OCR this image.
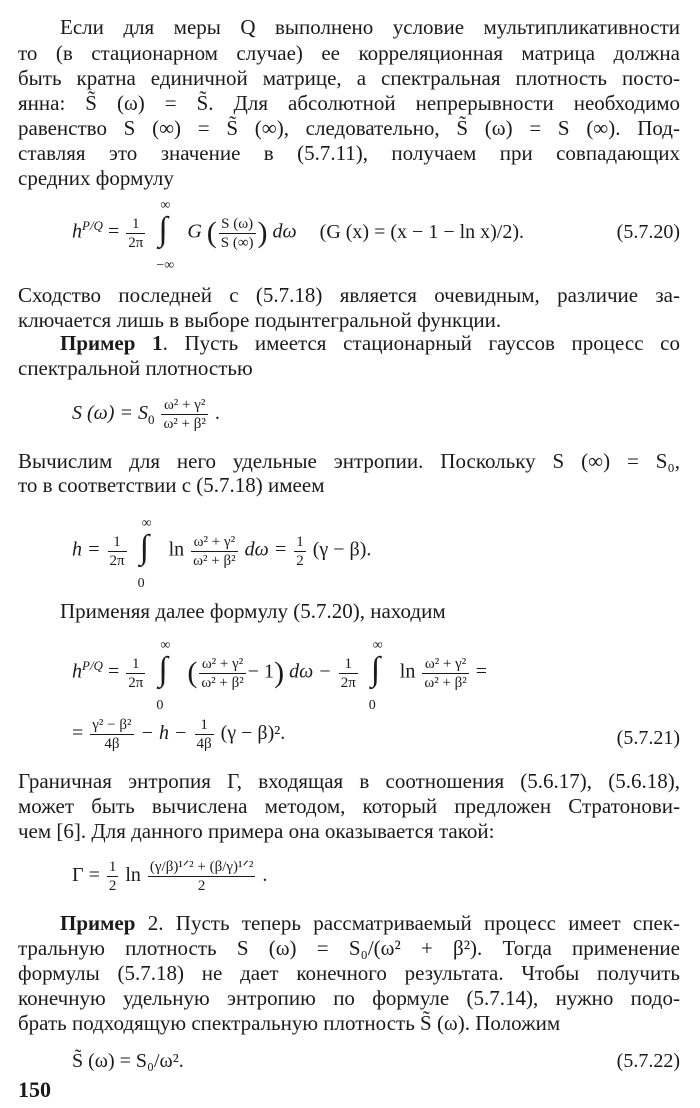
Если для меры Q выполнено условие мультипликативности
то (в стационарном случае) ее корреляционная матрица должна
быть кратна единичной матрице, а спектральная плотность посто-
янна: S̃ (ω) = S̃. Для абсолютной непрерывности необходимо
равенство S (∞) = S̃ (∞), следовательно, S̃ (ω) = S (∞). Под-
ставляя это значение в (5.7.11), получаем при совпадающих
средних формулу
$h^{P/Q} = \frac{1}{2\pi}$

∞
∫
−∞
G ( $\frac{S (\omega)}{S (\infty)}$ ) dω (G (x) = (x − 1 − ln x)/2).	(5.7.20)
Сходство последней с (5.7.18) является очевидным, различие за-
ключается лишь в выборе подынтегральной функции.
Пример 1. Пусть имеется стационарный гауссов процесс со
спектральной плотностью
S $(\omega) = S_0 \frac{\text{ω² + γ²}}{\text{ω² + β²}}$ .
Вычислим для него удельные энтропии. Поскольку S (∞) = S₀,
то в соответствии с (5.7.18) имеем
$h = \frac{1}{2\pi}$

∞
∫
0
$\ln \frac{\text{ω² + γ²}}{\text{ω² + β²}}$ $d\omega = \frac{1}{2} (\gamma - \beta)$.
Применяя далее формулу (5.7.20), находим
$h^{P/Q} = \frac{1}{2\pi}$

∞
∫
0
( $\frac{\text{ω² + γ²}}{\text{ω² + β²}} - 1$) $d\omega - \frac{1}{2\pi}$

∞
∫
0
$\ln \frac{\text{ω² + γ²}}{\text{ω² + β²}}$ =
= $\frac{\text{γ² − β²}}{4\beta} - h - \frac{1}{4\beta} (\gamma - \beta)^2$.	(5.7.21)
Граничная энтропия Γ, входящая в соотношения (5.6.17), (5.6.18),
может быть вычислена методом, который предложен Стратонови-
чем [6]. Для данного примера она оказывается такой:
$\Gamma = \frac{1}{2}$ $\ln \frac{\text{(γ/β)¹ᐟ² + (β/γ)¹ᐟ²}}{2}$ .
Пример 2. Пусть теперь рассматриваемый процесс имеет спек-
тральную плотность S (ω) = S₀/(ω² + β²). Тогда применение
формулы (5.7.18) не дает конечного результата. Чтобы получить
конечную удельную энтропию по формуле (5.7.14), нужно подо-
брать подходящую спектральную плотность S̃ (ω). Положим
S̃ (ω) = S₀/ω².	(5.7.22)
150
